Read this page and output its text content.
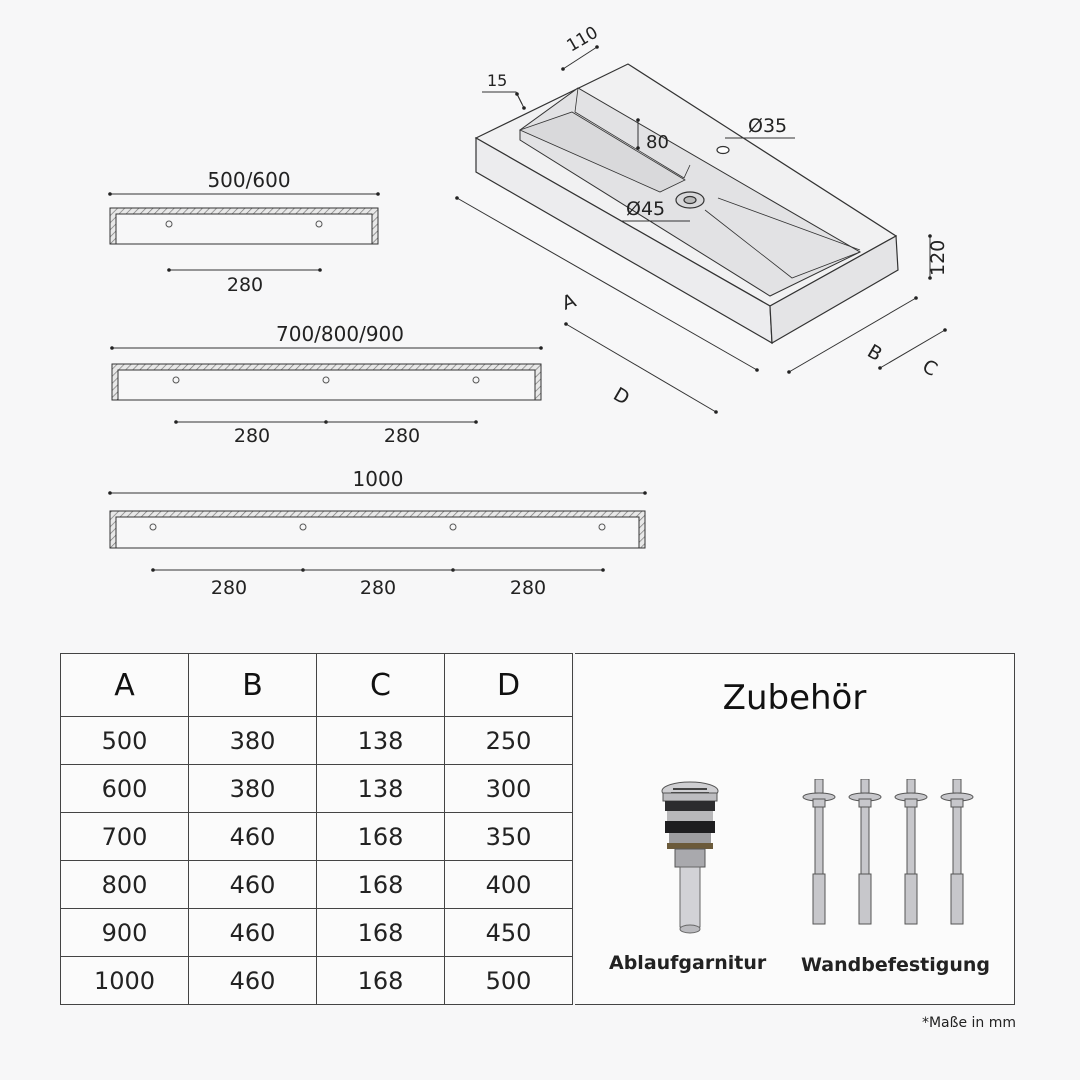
500/600
280
700/800/900
280	280
1000
280	280	280
110
15
80
Ø35
Ø45
120
A
B
C
D
A	B	C	D
500	380	138	250
600	380	138	300
700	460	168	350
800	460	168	400
900	460	168	450
1000	460	168	500
Zubehör
Ablaufgarnitur Wandbefestigung
*Maße in mm
